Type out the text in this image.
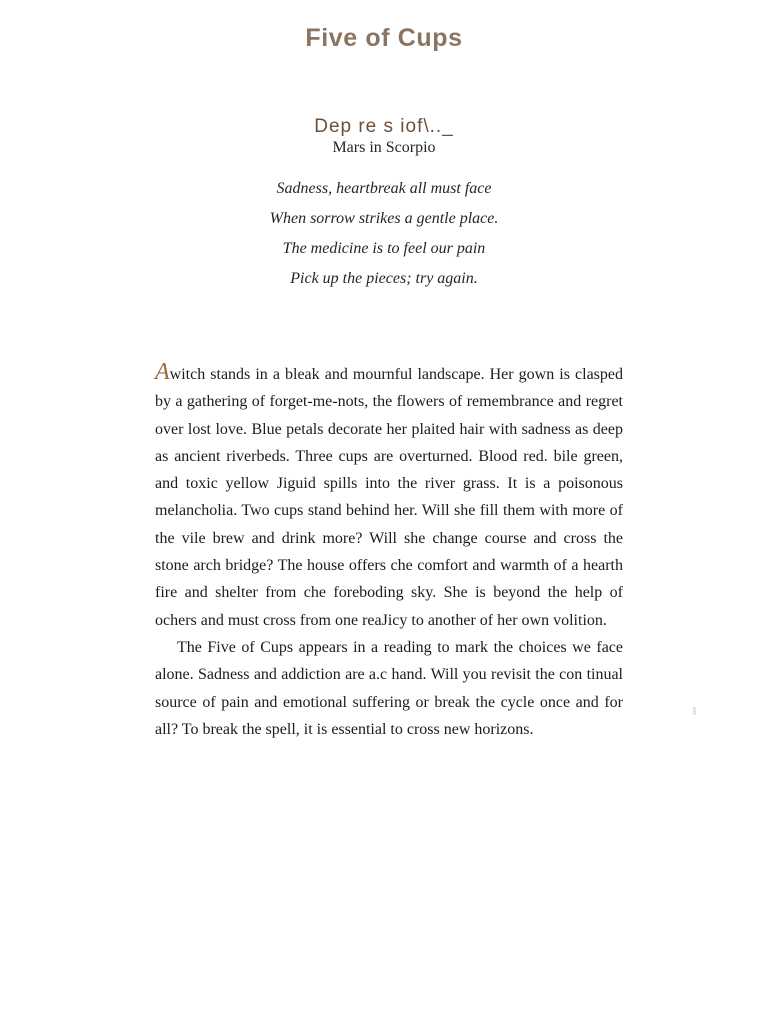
Five of Cups
Dep re s iof\.._
Mars in Scorpio
Sadness, heartbreak all must face
When sorrow strikes a gentle place.
The medicine is to feel our pain
Pick up the pieces; try again.

Awitch stands in a bleak and mournful landscape. Her gown is clasped by a gathering of forget-me-nots, the flowers of remembrance and regret over lost love. Blue petals decorate her plaited hair with sadness as deep as ancient riverbeds. Three cups are overturned. Blood red. bile green, and toxic yellow Jiguid spills into the river grass. It is a poisonous melancholia. Two cups stand behind her. Will she fill them with more of the vile brew and drink more? Will she change course and cross the stone arch bridge? The house offers che comfort and warmth of a hearth fire and shelter from che foreboding sky. She is beyond the help of ochers and must cross from one reaJicy to another of her own volition.

The Five of Cups appears in a reading to mark the choices we face alone. Sadness and addiction are a.c hand. Will you revisit the con tinual source of pain and emotional suffering or break the cycle once and for all? To break the spell, it is essential to cross new horizons.
